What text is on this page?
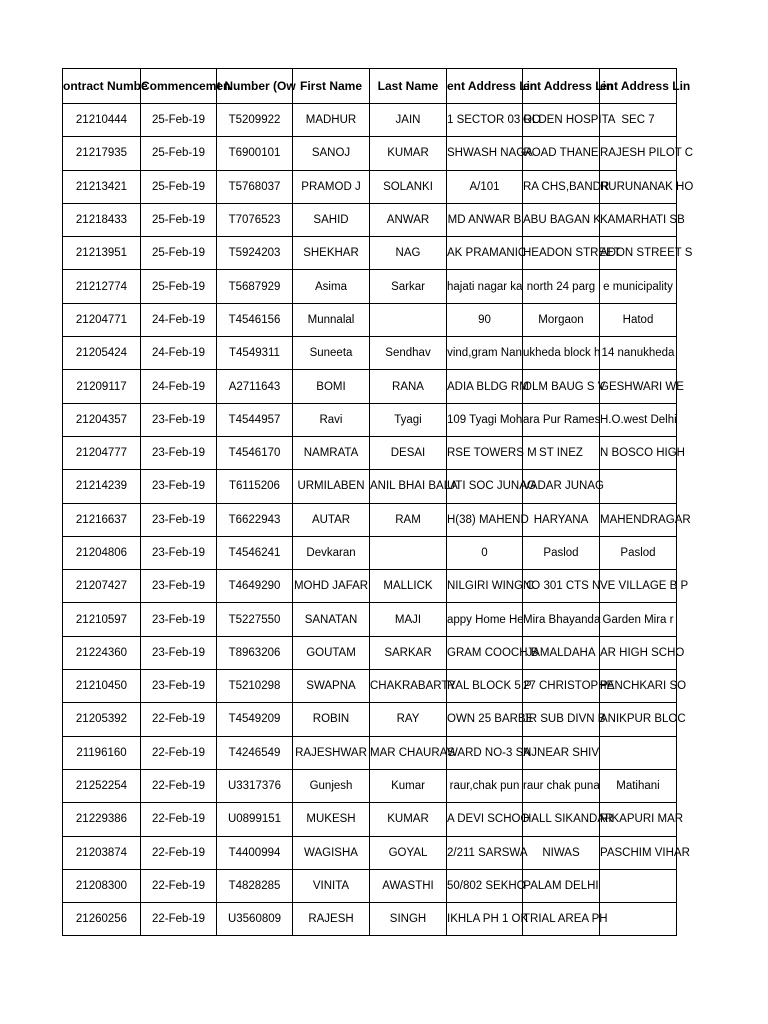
ontract Numbe	Commencemen	t Number (Ow	First Name	Last Name	ent Address Lin	ent Address Lin	ent Address Lin
21210444	25-Feb-19	T5209922	MADHUR	JAIN	1 SECTOR 03 RO	OLDEN HOSPITA	SEC 7
21217935	25-Feb-19	T6900101	SANOJ	KUMAR	SHWASH NAGA	ROAD THANE	RAJESH PILOT C
21213421	25-Feb-19	T5768037	PRAMOD J	SOLANKI	A/101	RA CHS,BANDR	RURUNANAK HO
21218433	25-Feb-19	T7076523	SAHID	ANWAR	MD ANWAR B	ABU BAGAN K	KAMARHATI SB
21213951	25-Feb-19	T5924203	SHEKHAR	NAG	AK PRAMANIC	HEADON STREET	ADON STREET S
21212774	25-Feb-19	T5687929	Asima	Sarkar	hajati nagar ka	north 24 parg	e municipality
21204771	24-Feb-19	T4546156	Munnalal		90	Morgaon	Hatod
21205424	24-Feb-19	T4549311	Suneeta	Sendhav	vind,gram Nan	ukheda block h	14 nanukheda
21209117	24-Feb-19	A2711643	BOMI	RANA	ADIA BLDG RM	OLM BAUG S V	GESHWARI WE
21204357	23-Feb-19	T4544957	Ravi	Tyagi	109 Tyagi Moh	ara Pur Rames	H.O.west Delhi
21204777	23-Feb-19	T4546170	NAMRATA	DESAI	RSE TOWERS M	ST INEZ	N BOSCO HIGH
21214239	23-Feb-19	T6115206	URMILABEN	ANIL BHAI BALA	UTI SOC JUNAG	VADAR JUNAG	
21216637	23-Feb-19	T6622943	AUTAR	RAM	H(38) MAHEND	HARYANA	MAHENDRAGAR
21204806	23-Feb-19	T4546241	Devkaran		0	Paslod	Paslod
21207427	23-Feb-19	T4649290	MOHD JAFAR	MALLICK	NILGIRI WING C	NO 301 CTS N	VE VILLAGE B P
21210597	23-Feb-19	T5227550	SANATAN	MAJI	appy Home He	Mira Bhayanda	Garden Mira r
21224360	23-Feb-19	T8963206	GOUTAM	SARKAR	GRAM COOCH B	JAMALDAHA	AR HIGH SCHO
21210450	23-Feb-19	T5210298	SWAPNA	CHAKRABARTY	RAL BLOCK 5 P	27 CHRISTOPHE	PANCHKARI SO
21205392	22-Feb-19	T4549209	ROBIN	RAY	OWN 25 BARBE	JR SUB DIVN B	ANIKPUR BLOC
21196160	22-Feb-19	T4246549	RAJESHWAR	MAR CHAURAS	WARD NO-3 SA	NJNEAR SHIV	
21252254	22-Feb-19	U3317376	Gunjesh	Kumar	raur,chak pun	raur chak puna	Matihani
21229386	22-Feb-19	U0899151	MUKESH	KUMAR	A DEVI SCHOO	HALL SIKANDAR	RIKAPURI MAR
21203874	22-Feb-19	T4400994	WAGISHA	GOYAL	2/211 SARSWA	NIWAS	PASCHIM VIHAR
21208300	22-Feb-19	T4828285	VINITA	AWASTHI	50/802 SEKHO	PALAM DELHI	
21260256	22-Feb-19	U3560809	RAJESH	SINGH	IKHLA PH 1 OK	TRIAL AREA PH	
